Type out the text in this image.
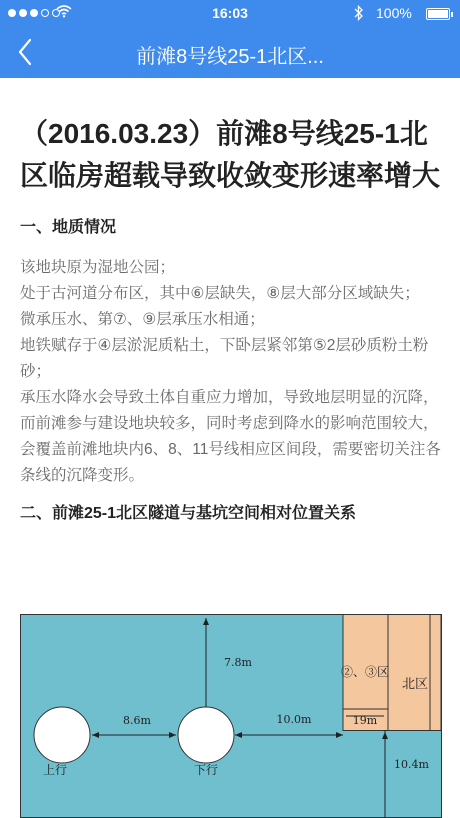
16:03	100%
前滩8号线25-1北区...
（2016.03.23）前滩8号线25-1北区临房超载导致收敛变形速率增大
一、地质情况
该地块原为湿地公园；
处于古河道分布区，其中⑥层缺失，⑧层大部分区域缺失；
微承压水、第⑦、⑨层承压水相通；
地铁赋存于④层淤泥质粘土，下卧层紧邻第⑤2层砂质粉土粉砂；
承压水降水会导致土体自重应力增加，导致地层明显的沉降，而前滩参与建设地块较多，同时考虑到降水的影响范围较大，会覆盖前滩地块内6、8、11号线相应区间段，需要密切关注各条线的沉降变形。
二、前滩25-1北区隧道与基坑空间相对位置关系
②、③区
北区
19m
上行	下行
8.6m
7.8m
10.0m
10.4m
